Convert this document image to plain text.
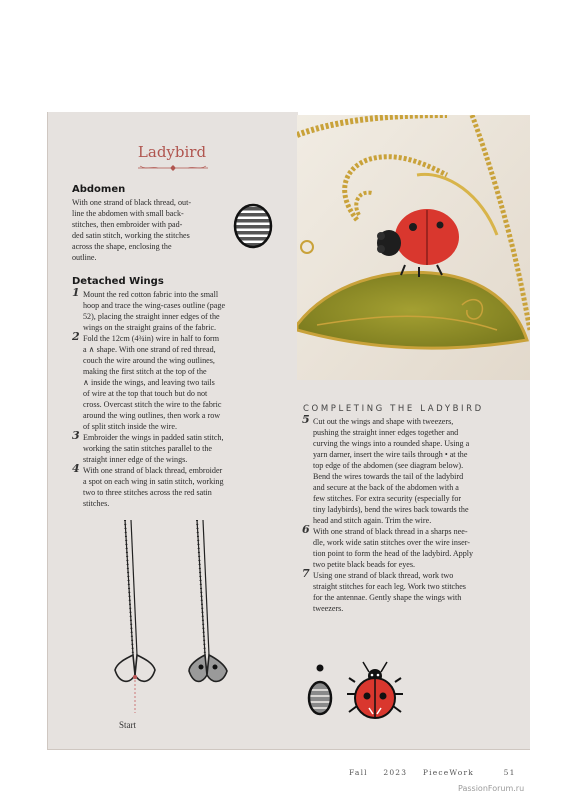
Ladybird
Abdomen
With one strand of black thread, out-
line the abdomen with small back-
stitches, then embroider with pad-
ded satin stitch, working the stitches
across the shape, enclosing the
outline.
Detached Wings
1 Mount the red cotton fabric into the small
hoop and trace the wing-cases outline (page
52), placing the straight inner edges of the
wings on the straight grains of the fabric.
2 Fold the 12cm (4¾in) wire in half to form
a ∧ shape. With one strand of red thread,
couch the wire around the wing outlines,
making the first stitch at the top of the
∧ inside the wings, and leaving two tails
of wire at the top that touch but do not
cross. Overcast stitch the wire to the fabric
around the wing outlines, then work a row
of split stitch inside the wire.
3 Embroider the wings in padded satin stitch,
working the satin stitches parallel to the
straight inner edge of the wings.
4 With one strand of black thread, embroider
a spot on each wing in satin stitch, working
two to three stitches across the red satin
stitches.
Start
COMPLETING THE LADYBIRD
5 Cut out the wings and shape with tweezers,
pushing the straight inner edges together and
curving the wings into a rounded shape. Using a
yarn darner, insert the wire tails through • at the
top edge of the abdomen (see diagram below).
Bend the wires towards the tail of the ladybird
and secure at the back of the abdomen with a
few stitches. For extra security (especially for
tiny ladybirds), bend the wires back towards the
head and stitch again. Trim the wire.
6 With one strand of black thread in a sharps nee-
dle, work wide satin stitches over the wire inser-
tion point to form the head of the ladybird. Apply
two petite black beads for eyes.
7 Using one strand of black thread, work two
straight stitches for each leg. Work two stitches
for the antennae. Gently shape the wings with
tweezers.
Fall 2023 PieceWork	51
PassionForum.ru
